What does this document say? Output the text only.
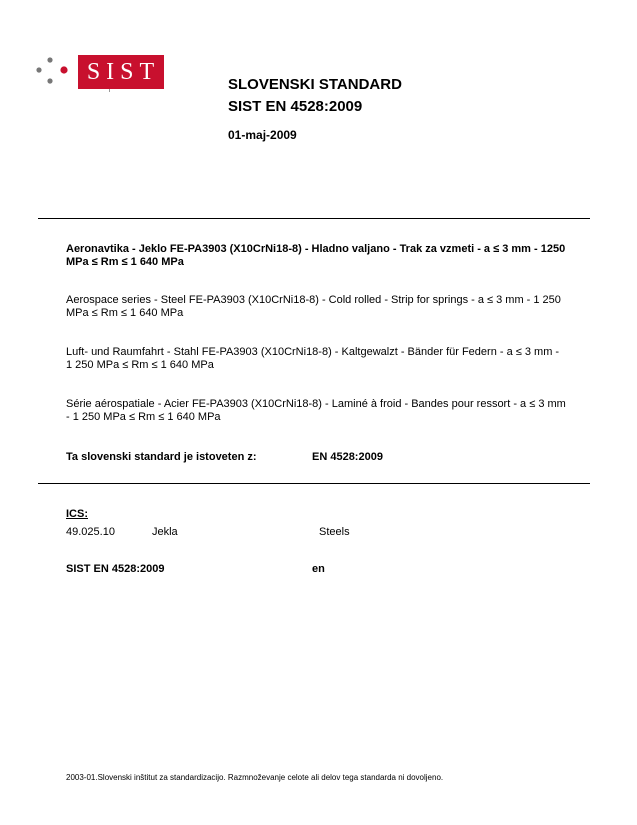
SIST	SLOVENSKI STANDARD
SIST EN 4528:2009
01-maj-2009
Aeronavtika - Jeklo FE-PA3903 (X10CrNi18-8) - Hladno valjano - Trak za vzmeti - a ≤ 3 mm - 1250 MPa ≤ Rm ≤ 1 640 MPa
Aerospace series - Steel FE-PA3903 (X10CrNi18-8) - Cold rolled - Strip for springs - a ≤ 3 mm - 1 250 MPa ≤ Rm ≤ 1 640 MPa
Luft- und Raumfahrt - Stahl FE-PA3903 (X10CrNi18-8) - Kaltgewalzt - Bänder für Federn - a ≤ 3 mm - 1 250 MPa ≤ Rm ≤ 1 640 MPa
Série aérospatiale - Acier FE-PA3903 (X10CrNi18-8) - Laminé à froid - Bandes pour ressort - a ≤ 3 mm - 1 250 MPa ≤ Rm ≤ 1 640 MPa
Ta slovenski standard je istoveten z:	EN 4528:2009
ICS:
49.025.10	Jekla	Steels
SIST EN 4528:2009	en
2003-01.Slovenski inštitut za standardizacijo. Razmnoževanje celote ali delov tega standarda ni dovoljeno.
